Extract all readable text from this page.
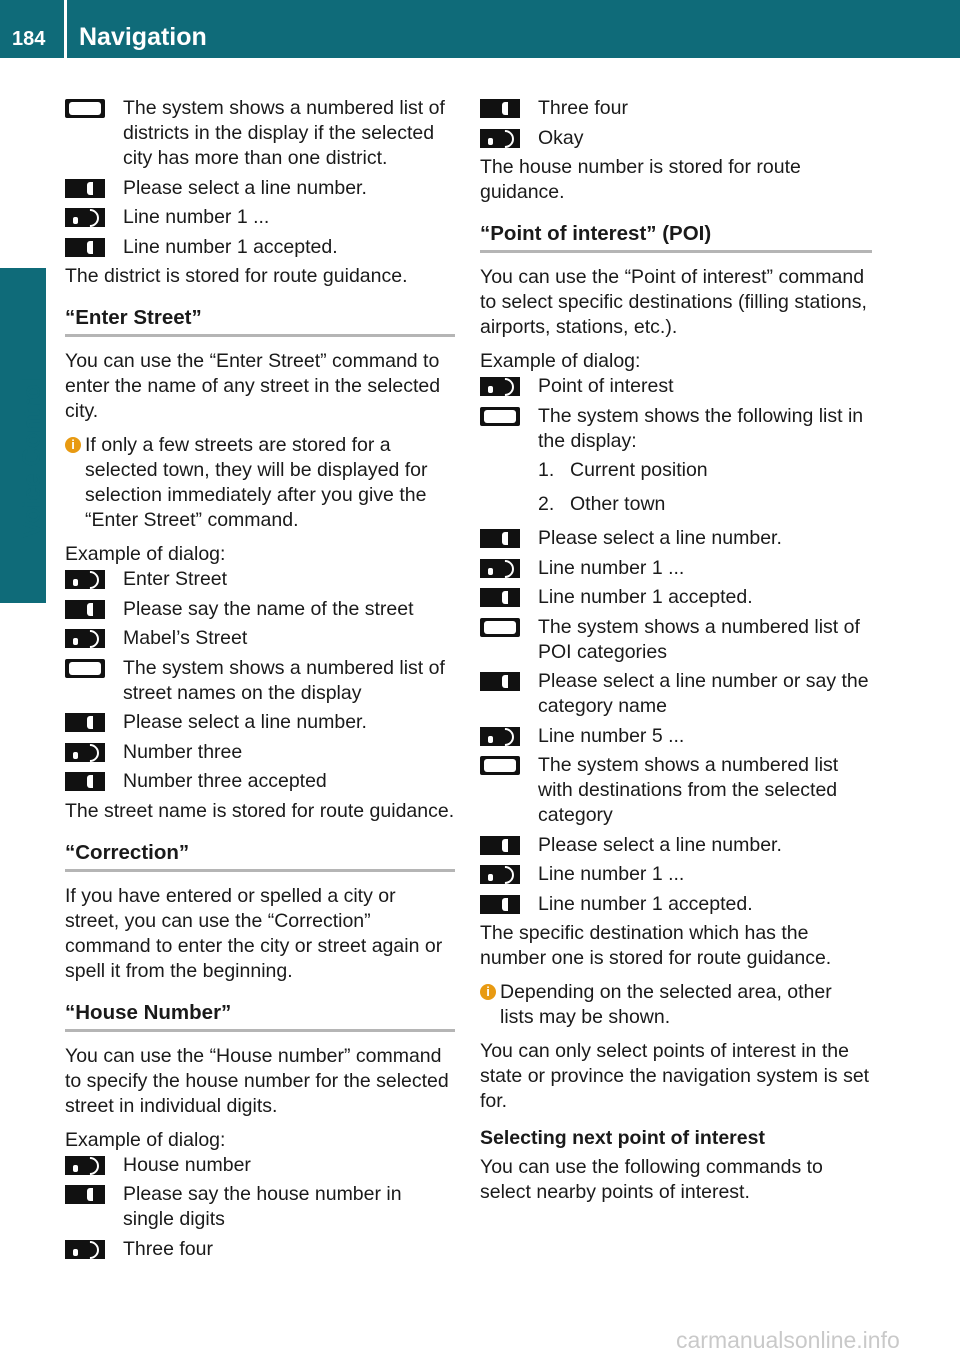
184 Navigation
Voice Control
The system shows a numbered list of districts in the display if the selected city has more than one district.
Please select a line number.
Line number 1 ...
Line number 1 accepted.

The district is stored for route guidance.

“Enter Street”

You can use the “Enter Street” command to enter the name of any street in the selected city.

i If only a few streets are stored for a
selected town, they will be displayed for
selection immediately after you give the
“Enter Street” command.
Example of dialog:
Enter Street
Please say the name of the street
Mabel’s Street
The system shows a numbered list of street names on the display
Please select a line number.
Number three
Number three accepted

The street name is stored for route guidance.

“Correction”

If you have entered or spelled a city or street, you can use the “Correction” command to enter the city or street again or spell it from the beginning.

“House Number”

You can use the “House number” command to specify the house number for the selected street in individual digits.

Example of dialog:
House number
Please say the house number in single digits
Three four
Three four
Okay

The house number is stored for route guidance.

“Point of interest” (POI)

You can use the “Point of interest” command to select specific destinations (filling stations, airports, stations, etc.).

Example of dialog:
Point of interest
The system shows the following list in the display:
1. Current position
2. Other town
Please select a line number.
Line number 1 ...
Line number 1 accepted.
The system shows a numbered list of POI categories
Please select a line number or say the category name
Line number 5 ...
The system shows a numbered list with destinations from the selected category
Please select a line number.
Line number 1 ...
Line number 1 accepted.

The specific destination which has the number one is stored for route guidance.

i Depending on the selected area, other
lists may be shown.

You can only select points of interest in the state or province the navigation system is set for.

Selecting next point of interest

You can use the following commands to select nearby points of interest.

carmanualsonline.info
